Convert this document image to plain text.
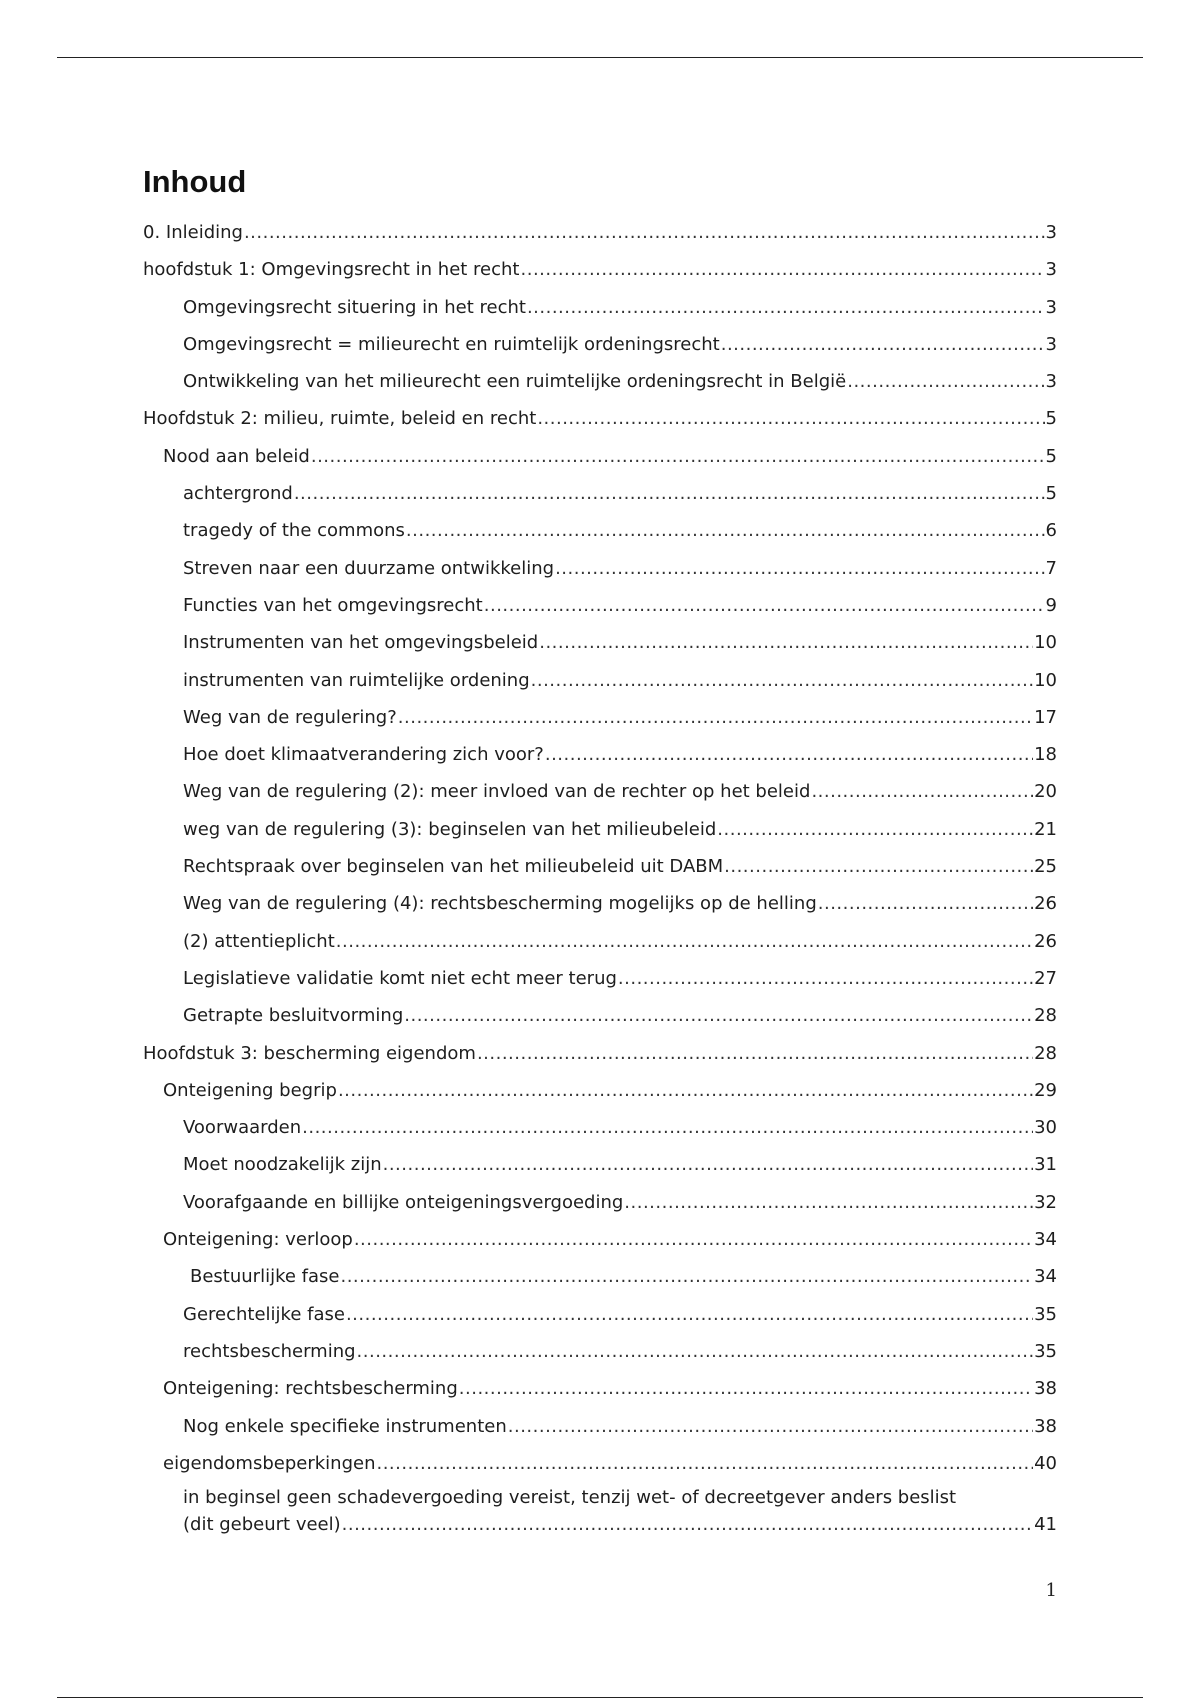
Inhoud
0. Inleiding .....	3
hoofdstuk 1: Omgevingsrecht in het recht .....	3
Omgevingsrecht situering in het recht .....	3
Omgevingsrecht = milieurecht en ruimtelijk ordeningsrecht .....	3
Ontwikkeling van het milieurecht een ruimtelijke ordeningsrecht in België .....	3
Hoofdstuk 2: milieu, ruimte, beleid en recht .....	5
Nood aan beleid .....	5
achtergrond .....	5
tragedy of the commons .....	6
Streven naar een duurzame ontwikkeling .....	7
Functies van het omgevingsrecht .....	9
Instrumenten van het omgevingsbeleid .....	10
instrumenten van ruimtelijke ordening .....	10
Weg van de regulering? .....	17
Hoe doet klimaatverandering zich voor? .....	18
Weg van de regulering (2): meer invloed van de rechter op het beleid .....	20
weg van de regulering (3): beginselen van het milieubeleid .....	21
Rechtspraak over beginselen van het milieubeleid uit DABM .....	25
Weg van de regulering (4): rechtsbescherming mogelijks op de helling .....	26
(2) attentieplicht .....	26
Legislatieve validatie komt niet echt meer terug .....	27
Getrapte besluitvorming .....	28
Hoofdstuk 3: bescherming eigendom .....	28
Onteigening begrip .....	29
Voorwaarden .....	30
Moet noodzakelijk zijn .....	31
Voorafgaande en billijke onteigeningsvergoeding .....	32
Onteigening: verloop .....	34
Bestuurlijke fase .....	34
Gerechtelijke fase .....	35
rechtsbescherming .....	35
Onteigening: rechtsbescherming .....	38
Nog enkele specifieke instrumenten .....	38
eigendomsbeperkingen .....	40
in beginsel geen schadevergoeding vereist, tenzij wet- of decreetgever anders beslist
(dit gebeurt veel) .....	41
1
